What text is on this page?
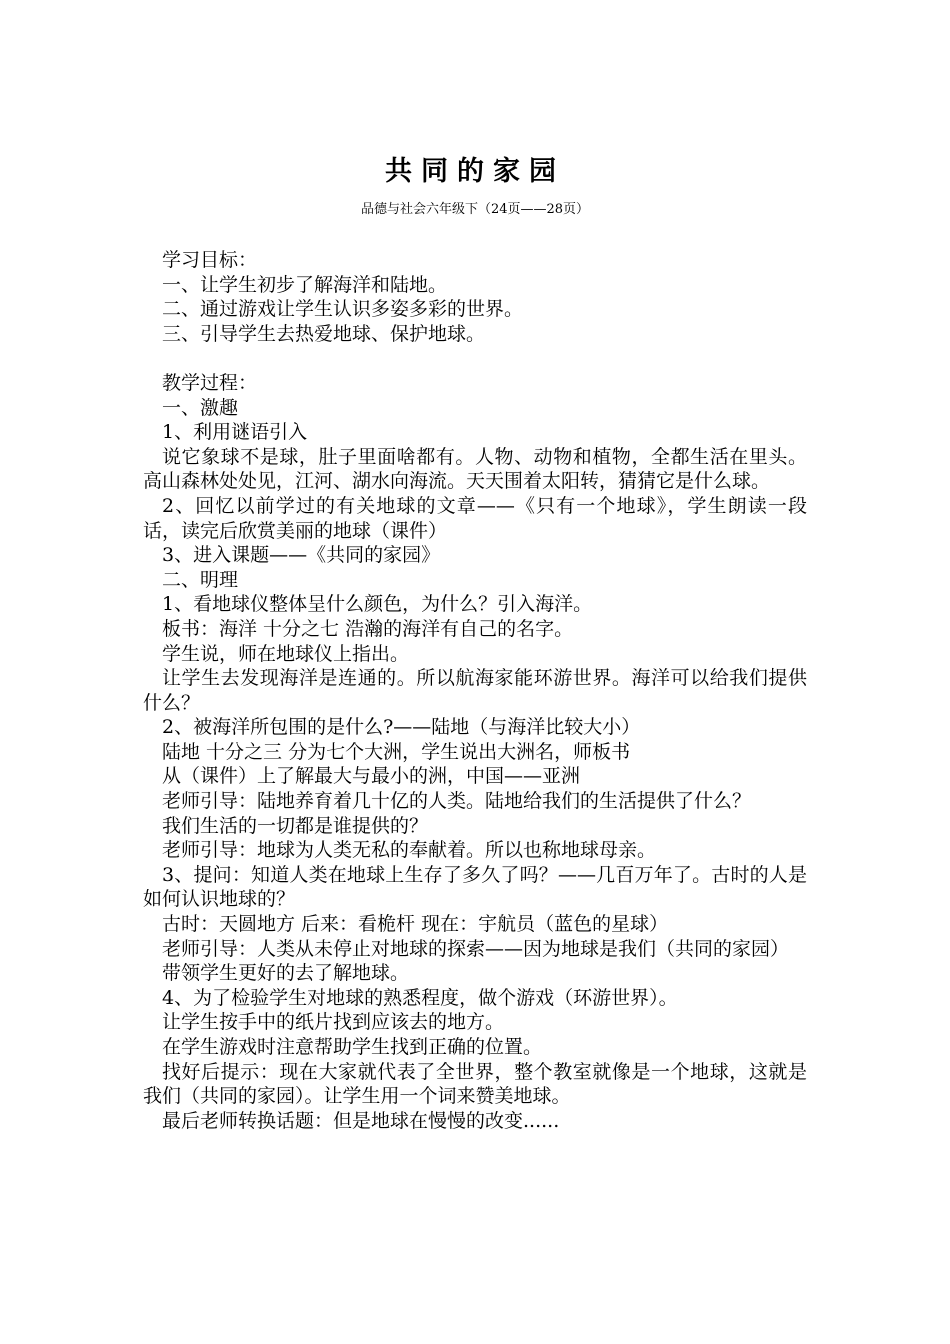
共同的家园

品德与社会六年级下（24页——28页）

学习目标：

一、让学生初步了解海洋和陆地。

二、通过游戏让学生认识多姿多彩的世界。

三、引导学生去热爱地球、保护地球。

教学过程：

一、激趣

1、利用谜语引入

说它象球不是球，肚子里面啥都有。人物、动物和植物，全都生活在里头。高山森林处处见，江河、湖水向海流。天天围着太阳转，猜猜它是什么球。

2、回忆以前学过的有关地球的文章——《只有一个地球》，学生朗读一段话，读完后欣赏美丽的地球（课件）

3、进入课题——《共同的家园》

二、明理

1、看地球仪整体呈什么颜色，为什么？引入海洋。

板书：海洋 十分之七 浩瀚的海洋有自己的名字。

学生说，师在地球仪上指出。

让学生去发现海洋是连通的。所以航海家能环游世界。海洋可以给我们提供什么？

2、被海洋所包围的是什么?——陆地（与海洋比较大小）

陆地 十分之三 分为七个大洲，学生说出大洲名，师板书

从（课件）上了解最大与最小的洲，中国——亚洲

老师引导：陆地养育着几十亿的人类。陆地给我们的生活提供了什么？

我们生活的一切都是谁提供的？

老师引导：地球为人类无私的奉献着。所以也称地球母亲。

3、提问：知道人类在地球上生存了多久了吗？——几百万年了。古时的人是如何认识地球的？

古时：天圆地方 后来：看桅杆 现在：宇航员（蓝色的星球）

老师引导：人类从未停止对地球的探索——因为地球是我们（共同的家园）

带领学生更好的去了解地球。

4、为了检验学生对地球的熟悉程度，做个游戏（环游世界）。

让学生按手中的纸片找到应该去的地方。

在学生游戏时注意帮助学生找到正确的位置。

找好后提示：现在大家就代表了全世界，整个教室就像是一个地球，这就是我们（共同的家园）。让学生用一个词来赞美地球。

最后老师转换话题：但是地球在慢慢的改变......
